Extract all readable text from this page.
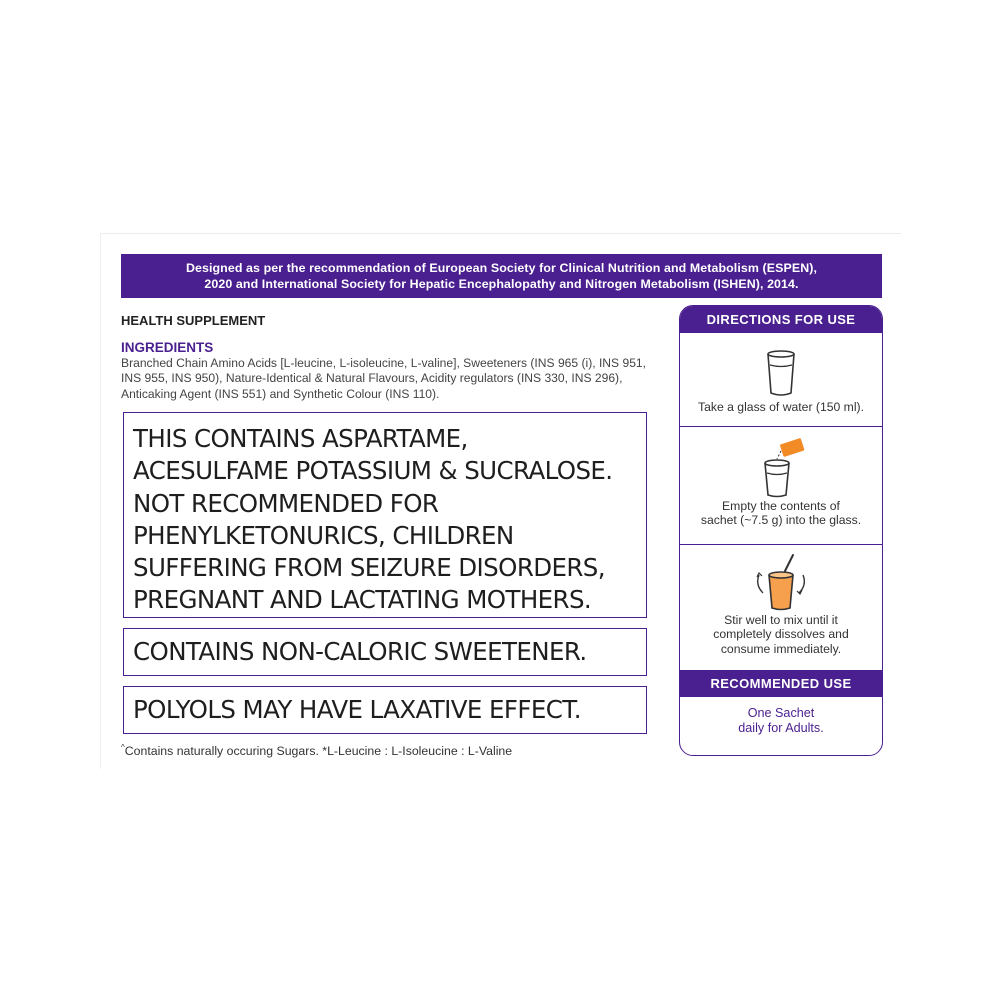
Designed as per the recommendation of European Society for Clinical Nutrition and Metabolism (ESPEN),
2020 and International Society for Hepatic Encephalopathy and Nitrogen Metabolism (ISHEN), 2014.
HEALTH SUPPLEMENT
INGREDIENTS
Branched Chain Amino Acids [L-leucine, L-isoleucine, L-valine], Sweeteners (INS 965 (i), INS 951, INS 955, INS 950), Nature-Identical & Natural Flavours, Acidity regulators (INS 330, INS 296), Anticaking Agent (INS 551) and Synthetic Colour (INS 110).

THIS CONTAINS ASPARTAME,

ACESULFAME POTASSIUM & SUCRALOSE.

NOT RECOMMENDED FOR

PHENYLKETONURICS, CHILDREN

SUFFERING FROM SEIZURE DISORDERS,

PREGNANT AND LACTATING MOTHERS.

CONTAINS NON-CALORIC SWEETENER.
POLYOLS MAY HAVE LAXATIVE EFFECT.
^Contains naturally occuring Sugars. *L-Leucine : L-Isoleucine : L-Valine
DIRECTIONS FOR USE
Take a glass of water (150 ml).
Empty the contents of
sachet (~7.5 g) into the glass.
Stir well to mix until it
completely dissolves and
consume immediately.
RECOMMENDED USE
One Sachet
daily for Adults.
